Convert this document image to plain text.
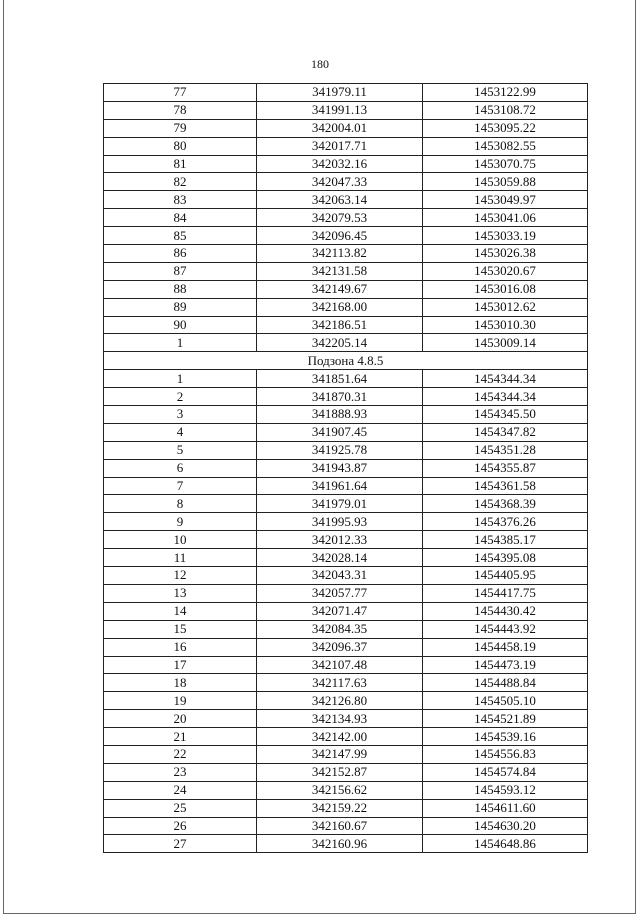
180
77	341979.11	1453122.99
78	341991.13	1453108.72
79	342004.01	1453095.22
80	342017.71	1453082.55
81	342032.16	1453070.75
82	342047.33	1453059.88
83	342063.14	1453049.97
84	342079.53	1453041.06
85	342096.45	1453033.19
86	342113.82	1453026.38
87	342131.58	1453020.67
88	342149.67	1453016.08
89	342168.00	1453012.62
90	342186.51	1453010.30
1	342205.14	1453009.14
Подзона 4.8.5		
1	341851.64	1454344.34
2	341870.31	1454344.34
3	341888.93	1454345.50
4	341907.45	1454347.82
5	341925.78	1454351.28
6	341943.87	1454355.87
7	341961.64	1454361.58
8	341979.01	1454368.39
9	341995.93	1454376.26
10	342012.33	1454385.17
11	342028.14	1454395.08
12	342043.31	1454405.95
13	342057.77	1454417.75
14	342071.47	1454430.42
15	342084.35	1454443.92
16	342096.37	1454458.19
17	342107.48	1454473.19
18	342117.63	1454488.84
19	342126.80	1454505.10
20	342134.93	1454521.89
21	342142.00	1454539.16
22	342147.99	1454556.83
23	342152.87	1454574.84
24	342156.62	1454593.12
25	342159.22	1454611.60
26	342160.67	1454630.20
27	342160.96	1454648.86
